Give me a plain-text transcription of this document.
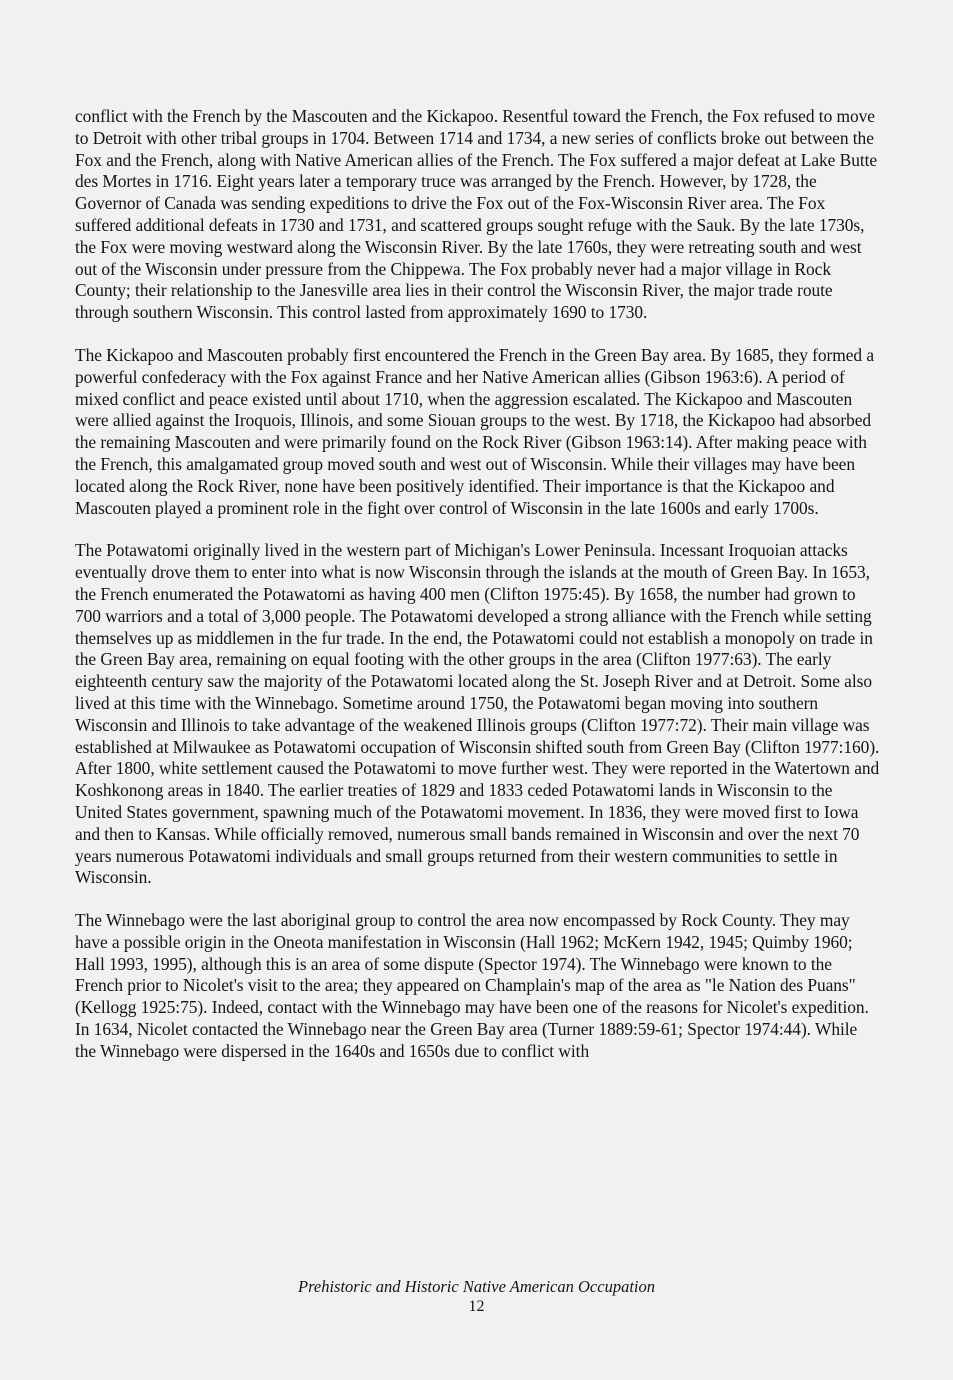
conflict with the French by the Mascouten and the Kickapoo. Resentful toward the French, the Fox refused to move to Detroit with other tribal groups in 1704. Between 1714 and 1734, a new series of conflicts broke out between the Fox and the French, along with Native American allies of the French. The Fox suffered a major defeat at Lake Butte des Mortes in 1716. Eight years later a temporary truce was arranged by the French. However, by 1728, the Governor of Canada was sending expeditions to drive the Fox out of the Fox-Wisconsin River area. The Fox suffered additional defeats in 1730 and 1731, and scattered groups sought refuge with the Sauk. By the late 1730s, the Fox were moving westward along the Wisconsin River. By the late 1760s, they were retreating south and west out of the Wisconsin under pressure from the Chippewa. The Fox probably never had a major village in Rock County; their relationship to the Janesville area lies in their control the Wisconsin River, the major trade route through southern Wisconsin. This control lasted from approximately 1690 to 1730.

The Kickapoo and Mascouten probably first encountered the French in the Green Bay area. By 1685, they formed a powerful confederacy with the Fox against France and her Native American allies (Gibson 1963:6). A period of mixed conflict and peace existed until about 1710, when the aggression escalated. The Kickapoo and Mascouten were allied against the Iroquois, Illinois, and some Siouan groups to the west. By 1718, the Kickapoo had absorbed the remaining Mascouten and were primarily found on the Rock River (Gibson 1963:14). After making peace with the French, this amalgamated group moved south and west out of Wisconsin. While their villages may have been located along the Rock River, none have been positively identified. Their importance is that the Kickapoo and Mascouten played a prominent role in the fight over control of Wisconsin in the late 1600s and early 1700s.

The Potawatomi originally lived in the western part of Michigan's Lower Peninsula. Incessant Iroquoian attacks eventually drove them to enter into what is now Wisconsin through the islands at the mouth of Green Bay. In 1653, the French enumerated the Potawatomi as having 400 men (Clifton 1975:45). By 1658, the number had grown to 700 warriors and a total of 3,000 people. The Potawatomi developed a strong alliance with the French while setting themselves up as middlemen in the fur trade. In the end, the Potawatomi could not establish a monopoly on trade in the Green Bay area, remaining on equal footing with the other groups in the area (Clifton 1977:63). The early eighteenth century saw the majority of the Potawatomi located along the St. Joseph River and at Detroit. Some also lived at this time with the Winnebago. Sometime around 1750, the Potawatomi began moving into southern Wisconsin and Illinois to take advantage of the weakened Illinois groups (Clifton 1977:72). Their main village was established at Milwaukee as Potawatomi occupation of Wisconsin shifted south from Green Bay (Clifton 1977:160). After 1800, white settlement caused the Potawatomi to move further west. They were reported in the Watertown and Koshkonong areas in 1840. The earlier treaties of 1829 and 1833 ceded Potawatomi lands in Wisconsin to the United States government, spawning much of the Potawatomi movement. In 1836, they were moved first to Iowa and then to Kansas. While officially removed, numerous small bands remained in Wisconsin and over the next 70 years numerous Potawatomi individuals and small groups returned from their western communities to settle in Wisconsin.

The Winnebago were the last aboriginal group to control the area now encompassed by Rock County. They may have a possible origin in the Oneota manifestation in Wisconsin (Hall 1962; McKern 1942, 1945; Quimby 1960; Hall 1993, 1995), although this is an area of some dispute (Spector 1974). The Winnebago were known to the French prior to Nicolet's visit to the area; they appeared on Champlain's map of the area as "le Nation des Puans"(Kellogg 1925:75). Indeed, contact with the Winnebago may have been one of the reasons for Nicolet's expedition. In 1634, Nicolet contacted the Winnebago near the Green Bay area (Turner 1889:59-61; Spector 1974:44). While the Winnebago were dispersed in the 1640s and 1650s due to conflict with

Prehistoric and Historic Native American Occupation
12
